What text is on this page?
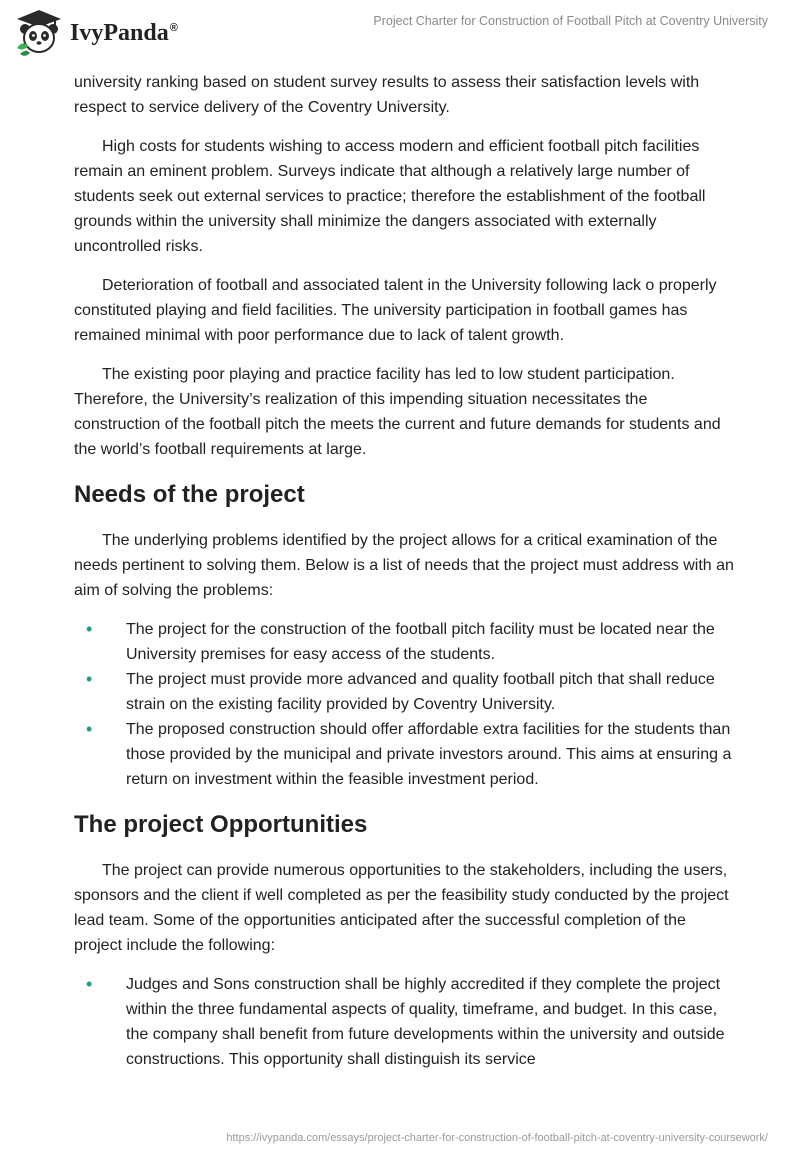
IvyPanda®	Project Charter for Construction of Football Pitch at Coventry University

university ranking based on student survey results to assess their satisfaction levels with respect to service delivery of the Coventry University.

High costs for students wishing to access modern and efficient football pitch facilities remain an eminent problem. Surveys indicate that although a relatively large number of students seek out external services to practice; therefore the establishment of the football grounds within the university shall minimize the dangers associated with externally uncontrolled risks.

Deterioration of football and associated talent in the University following lack o properly constituted playing and field facilities. The university participation in football games has remained minimal with poor performance due to lack of talent growth.

The existing poor playing and practice facility has led to low student participation. Therefore, the University’s realization of this impending situation necessitates the construction of the football pitch the meets the current and future demands for students and the world’s football requirements at large.

Needs of the project

The underlying problems identified by the project allows for a critical examination of the needs pertinent to solving them. Below is a list of needs that the project must address with an aim of solving the problems:

• The project for the construction of the football pitch facility must be located near the University premises for easy access of the students.
• The project must provide more advanced and quality football pitch that shall reduce strain on the existing facility provided by Coventry University.
• The proposed construction should offer affordable extra facilities for the students than those provided by the municipal and private investors around. This aims at ensuring a return on investment within the feasible investment period.
The project Opportunities

The project can provide numerous opportunities to the stakeholders, including the users, sponsors and the client if well completed as per the feasibility study conducted by the project lead team. Some of the opportunities anticipated after the successful completion of the project include the following:

• Judges and Sons construction shall be highly accredited if they complete the project within the three fundamental aspects of quality, timeframe, and budget. In this case, the company shall benefit from future developments within the university and outside constructions. This opportunity shall distinguish its service
https://ivypanda.com/essays/project-charter-for-construction-of-football-pitch-at-coventry-university-coursework/
